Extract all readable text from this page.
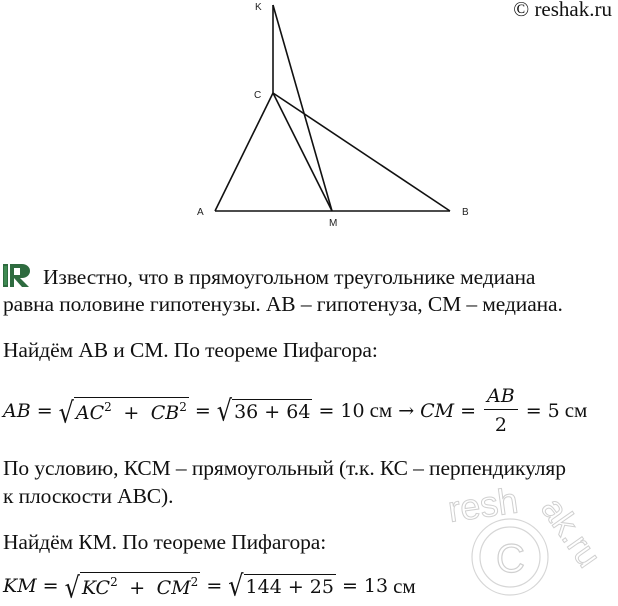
© reshak.ru
K
C
A
M
B
C
resh ak.ru
Известно, что в прямоугольном треугольнике медиана
равна половине гипотенузы. АВ – гипотенуза, СМ – медиана.
Найдём АВ и СМ. По теореме Пифагора:
AB = √ $AC^2 + CB^2$ = √ 36 + 64 = 10 см → CM = $\frac{AB}{2} = 5$ см
По условию, КСМ – прямоугольный (т.к. КС – перпендикуляр
к плоскости АВС).
Найдём КМ. По теореме Пифагора:
KM = √ $KC^2 + CM^2$ = √ 144 + 25 = 13 см
